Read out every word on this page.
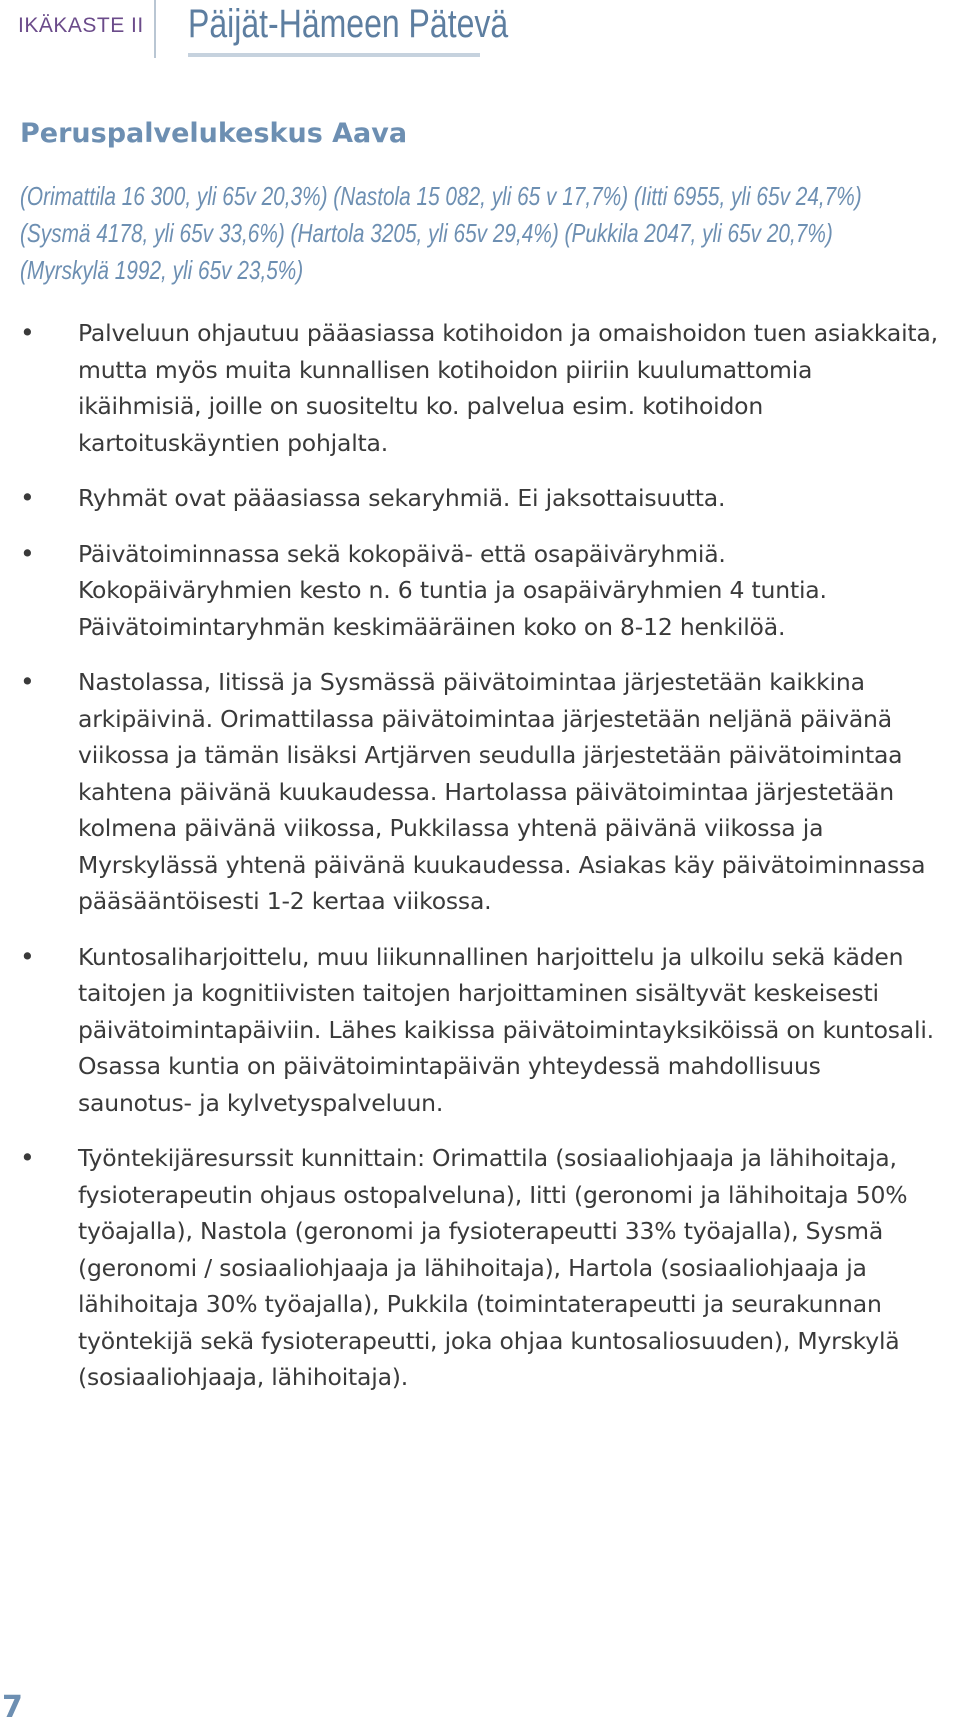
IKÄKASTE II Päijät-Hämeen Pätevä
Peruspalvelukeskus Aava

(Orimattila 16 300, yli 65v 20,3%) (Nastola 15 082, yli 65 v 17,7%) (Iitti 6955, yli 65v 24,7%) (Sysmä 4178, yli 65v 33,6%) (Hartola 3205, yli 65v 29,4%) (Pukkila 2047, yli 65v 20,7%) (Myrskylä 1992, yli 65v 23,5%)

• Palveluun ohjautuu pääasiassa kotihoidon ja omaishoidon tuen asiakkaita, mutta myös muita kunnallisen kotihoidon piiriin kuulumattomia ikäihmisiä, joille on suositeltu ko. palvelua esim. kotihoidon kartoituskäyntien pohjalta.
• Ryhmät ovat pääasiassa sekaryhmiä. Ei jaksottaisuutta.
• Päivätoiminnassa sekä kokopäivä- että osapäiväryhmiä. Kokopäiväryhmien kesto n. 6 tuntia ja osapäiväryhmien 4 tuntia. Päivätoimintaryhmän keskimääräinen koko on 8-12 henkilöä.
• Nastolassa, Iitissä ja Sysmässä päivätoimintaa järjestetään kaikkina arkipäivinä. Orimattilassa päivätoimintaa järjestetään neljänä päivänä viikossa ja tämän lisäksi Artjärven seudulla järjestetään päivätoimintaa kahtena päivänä kuukaudessa. Hartolassa päivätoimintaa järjestetään kolmena päivänä viikossa, Pukkilassa yhtenä päivänä viikossa ja Myrskylässä yhtenä päivänä kuukaudessa. Asiakas käy päivätoiminnassa pääsääntöisesti 1-2 kertaa viikossa.
• Kuntosaliharjoittelu, muu liikunnallinen harjoittelu ja ulkoilu sekä käden taitojen ja kognitiivisten taitojen harjoittaminen sisältyvät keskeisesti päivätoimintapäiviin. Lähes kaikissa päivätoimintayksiköissä on kuntosali. Osassa kuntia on päivätoimintapäivän yhteydessä mahdollisuus saunotus- ja kylvetyspalveluun.
• Työntekijäresurssit kunnittain: Orimattila (sosiaaliohjaaja ja lähihoitaja, fysioterapeutin ohjaus ostopalveluna), Iitti (geronomi ja lähihoitaja 50% työajalla), Nastola (geronomi ja fysioterapeutti 33% työajalla), Sysmä (geronomi / sosiaaliohjaaja ja lähihoitaja), Hartola (sosiaaliohjaaja ja lähihoitaja 30% työajalla), Pukkila (toimintaterapeutti ja seurakunnan työntekijä sekä fysioterapeutti, joka ohjaa kuntosaliosuuden), Myrskylä (sosiaaliohjaaja, lähihoitaja).
7
